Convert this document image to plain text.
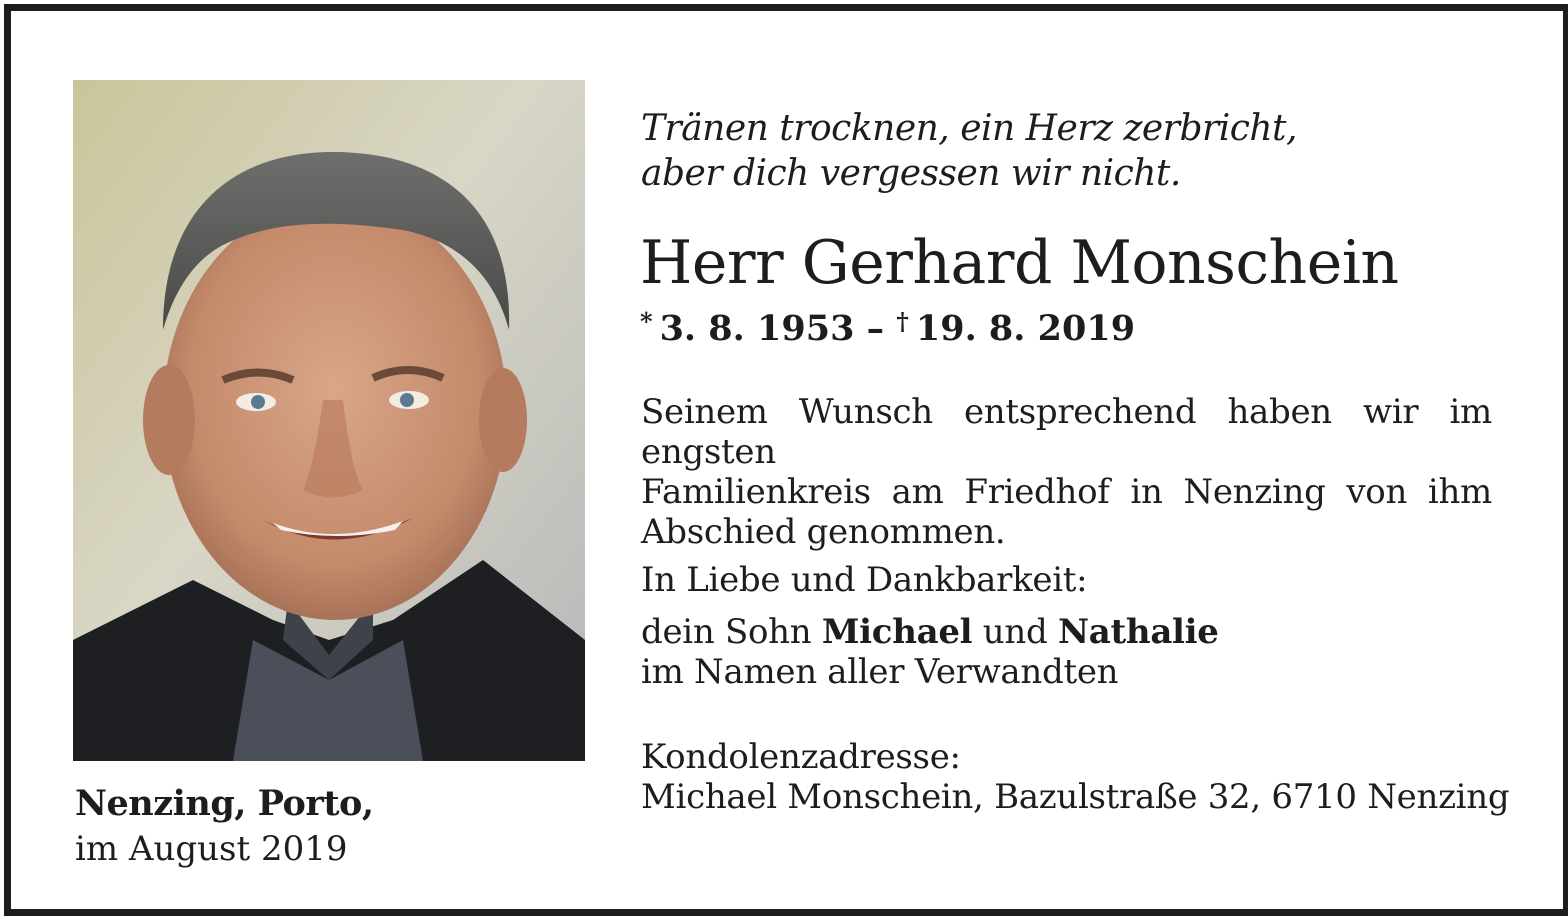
Nenzing, Porto,
im August 2019
Tränen trocknen, ein Herz zerbricht,
aber dich vergessen wir nicht.
Herr Gerhard Monschein
*  3. 8. 1953 – †  19. 8. 2019
Seinem Wunsch entsprechend haben wir im engsten
Familienkreis am Friedhof in Nenzing von ihm
Abschied genommen.
In Liebe und Dankbarkeit:
dein Sohn Michael und Nathalie
im Namen aller Verwandten
Kondolenzadresse:
Michael Monschein, Bazulstraße 32, 6710 Nenzing
